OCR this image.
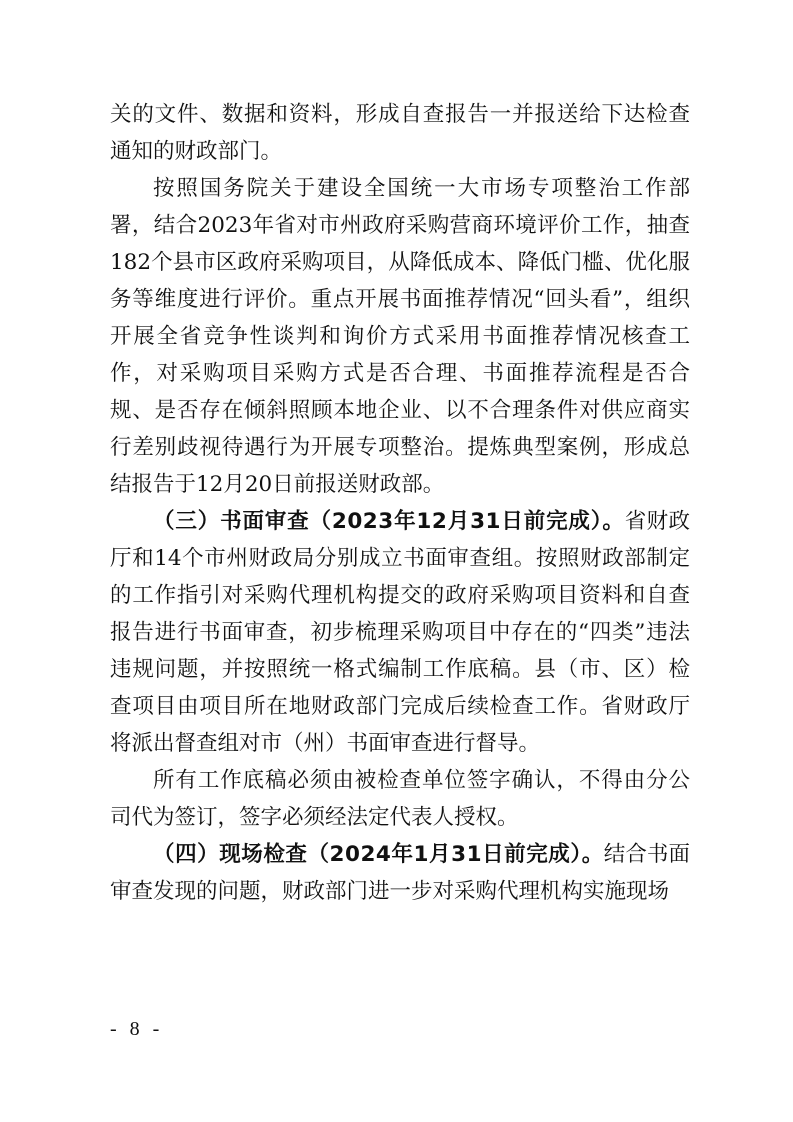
关的文件、数据和资料，形成自查报告一并报送给下达检查通知的财政部门。

按照国务院关于建设全国统一大市场专项整治工作部署，结合2023年省对市州政府采购营商环境评价工作，抽查182个县市区政府采购项目，从降低成本、降低门槛、优化服务等维度进行评价。重点开展书面推荐情况“回头看”，组织开展全省竞争性谈判和询价方式采用书面推荐情况核查工作，对采购项目采购方式是否合理、书面推荐流程是否合规、是否存在倾斜照顾本地企业、以不合理条件对供应商实行差别歧视待遇行为开展专项整治。提炼典型案例，形成总结报告于12月20日前报送财政部。

（三）书面审查（2023年12月31日前完成）。省财政厅和14个市州财政局分别成立书面审查组。按照财政部制定的工作指引对采购代理机构提交的政府采购项目资料和自查报告进行书面审查，初步梳理采购项目中存在的“四类”违法违规问题，并按照统一格式编制工作底稿。县（市、区）检查项目由项目所在地财政部门完成后续检查工作。省财政厅将派出督查组对市（州）书面审查进行督导。

所有工作底稿必须由被检查单位签字确认，不得由分公司代为签订，签字必须经法定代表人授权。

（四）现场检查（2024年1月31日前完成）。结合书面审查发现的问题，财政部门进一步对采购代理机构实施现场

- 8 -
